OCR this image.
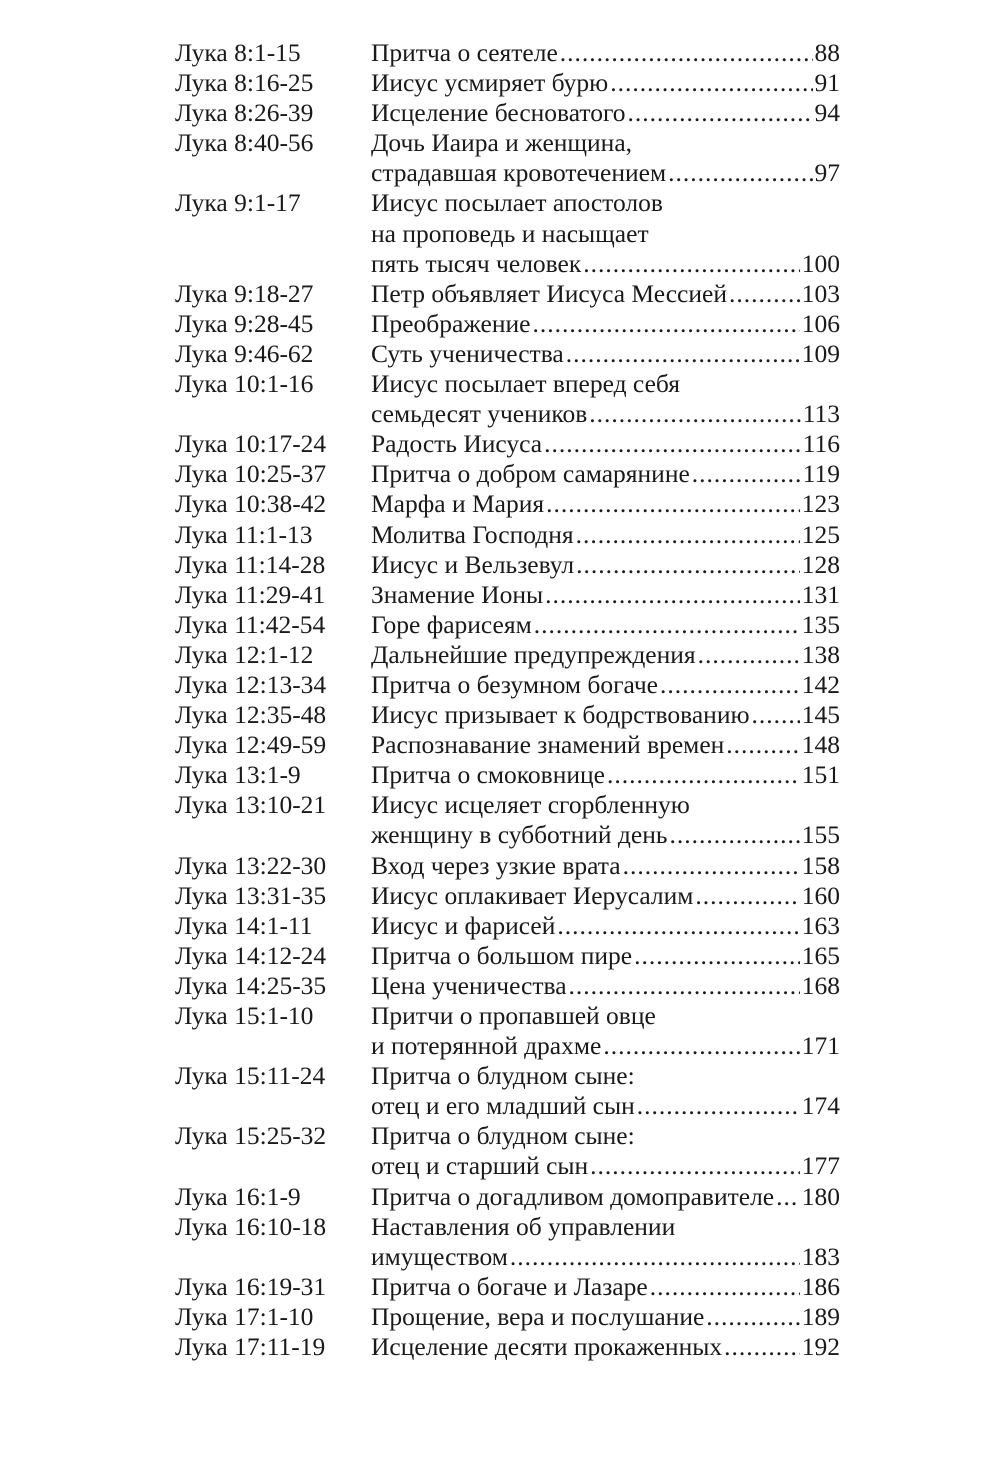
Лука 8:1-15	Притча о сеятеле .....	88
Лука 8:16-25	Иисус усмиряет бурю .....	91
Лука 8:26-39	Исцеление бесноватого .....	94
Лука 8:40-56	Дочь Иаира и женщина,
страдавшая кровотечением .....	97
Лука 9:1-17	Иисус посылает апостолов
на проповедь и насыщает
пять тысяч человек .....	100
Лука 9:18-27	Петр объявляет Иисуса Мессией .....	103
Лука 9:28-45	Преображение .....	106
Лука 9:46-62	Суть ученичества .....	109
Лука 10:1-16	Иисус посылает вперед себя
семьдесят учеников .....	113
Лука 10:17-24	Радость Иисуса .....	116
Лука 10:25-37	Притча о добром самарянине .....	119
Лука 10:38-42	Марфа и Мария .....	123
Лука 11:1-13	Молитва Господня .....	125
Лука 11:14-28	Иисус и Вельзевул .....	128
Лука 11:29-41	Знамение Ионы .....	131
Лука 11:42-54	Горе фарисеям .....	135
Лука 12:1-12	Дальнейшие предупреждения .....	138
Лука 12:13-34	Притча о безумном богаче .....	142
Лука 12:35-48	Иисус призывает к бодрствованию ..... 145
Лука 12:49-59	Распознавание знамений времен .....	148
Лука 13:1-9	Притча о смоковнице .....	151
Лука 13:10-21	Иисус исцеляет сгорбленную
женщину в субботний день .....	155
Лука 13:22-30	Вход через узкие врата .....	158
Лука 13:31-35	Иисус оплакивает Иерусалим .....	160
Лука 14:1-11	Иисус и фарисей .....	163
Лука 14:12-24	Притча о большом пире .....	165
Лука 14:25-35	Цена ученичества .....	168
Лука 15:1-10	Притчи о пропавшей овце
и потерянной драхме .....	171
Лука 15:11-24	Притча о блудном сыне:
отец и его младший сын .....	174
Лука 15:25-32	Притча о блудном сыне:
отец и старший сын .....	177
Лука 16:1-9	Притча о догадливом домоправителе ..... 180
Лука 16:10-18	Наставления об управлении
имуществом .....	183
Лука 16:19-31	Притча о богаче и Лазаре .....	186
Лука 17:1-10	Прощение, вера и послушание .....	189
Лука 17:11-19	Исцеление десяти прокаженных .....	192
